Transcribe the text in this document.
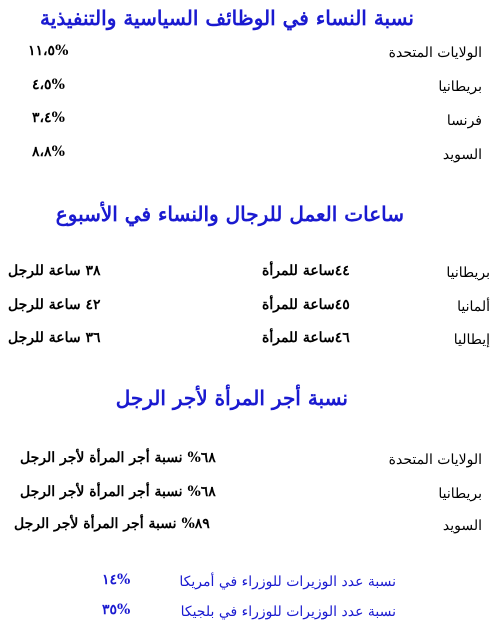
نسبة النساء في الوظائف السياسية والتنفيذية
الولايات المتحدة
١١،٥%
بريطانيا
٤،٥%
فرنسا
٣،٤%
السويد
٨،٨%
ساعات العمل للرجال والنساء في الأسبوع
بريطانيا
٤٤ساعة للمرأة
٣٨ ساعة للرجل
ألمانيا
٤٥ساعة للمرأة
٤٢ ساعة للرجل
إيطاليا
٤٦ساعة للمرأة
٣٦ ساعة للرجل
نسبة أجر المرأة لأجر الرجل
الولايات المتحدة
٦٨% نسبة أجر المرأة لأجر الرجل
بريطانيا
٦٨% نسبة أجر المرأة لأجر الرجل
السويد
٨٩% نسبة أجر المرأة لأجر الرجل
نسبة عدد الوزيرات للوزراء في أمريكا
١٤%
نسبة عدد الوزيرات للوزراء في بلجيكا
٣٥%
